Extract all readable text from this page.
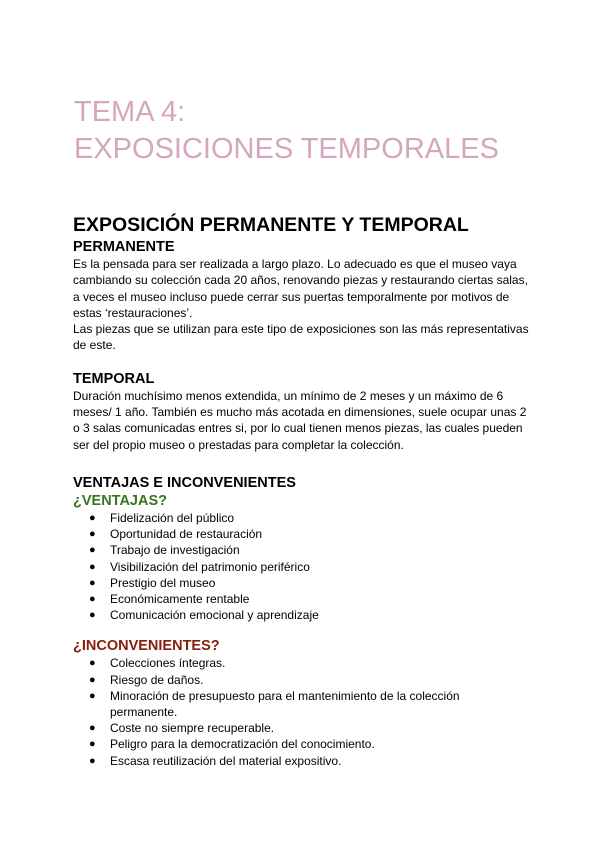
TEMA 4:
EXPOSICIONES TEMPORALES
EXPOSICIÓN PERMANENTE Y TEMPORAL
PERMANENTE

Es la pensada para ser realizada a largo plazo. Lo adecuado es que el museo vaya cambiando su colección cada 20 años, renovando piezas y restaurando ciertas salas, a veces el museo incluso puede cerrar sus puertas temporalmente por motivos de estas ‘restauraciones’.

Las piezas que se utilizan para este tipo de exposiciones son las más representativas de este.

TEMPORAL

Duración muchísimo menos extendida, un mínimo de 2 meses y un máximo de 6 meses/ 1 año. También es mucho más acotada en dimensiones, suele ocupar unas 2 o 3 salas comunicadas entres si, por lo cual tienen menos piezas, las cuales pueden ser del propio museo o prestadas para completar la colección.

VENTAJAS E INCONVENIENTES
¿VENTAJAS?
● Fidelización del público
● Oportunidad de restauración
● Trabajo de investigación
● Visibilización del patrimonio periférico
● Prestigio del museo
● Económicamente rentable
● Comunicación emocional y aprendizaje
¿INCONVENIENTES?
● Colecciones íntegras.
● Riesgo de daños.
● Minoración de presupuesto para el mantenimiento de la colección permanente.
● Coste no siempre recuperable.
● Peligro para la democratización del conocimiento.
● Escasa reutilización del material expositivo.
